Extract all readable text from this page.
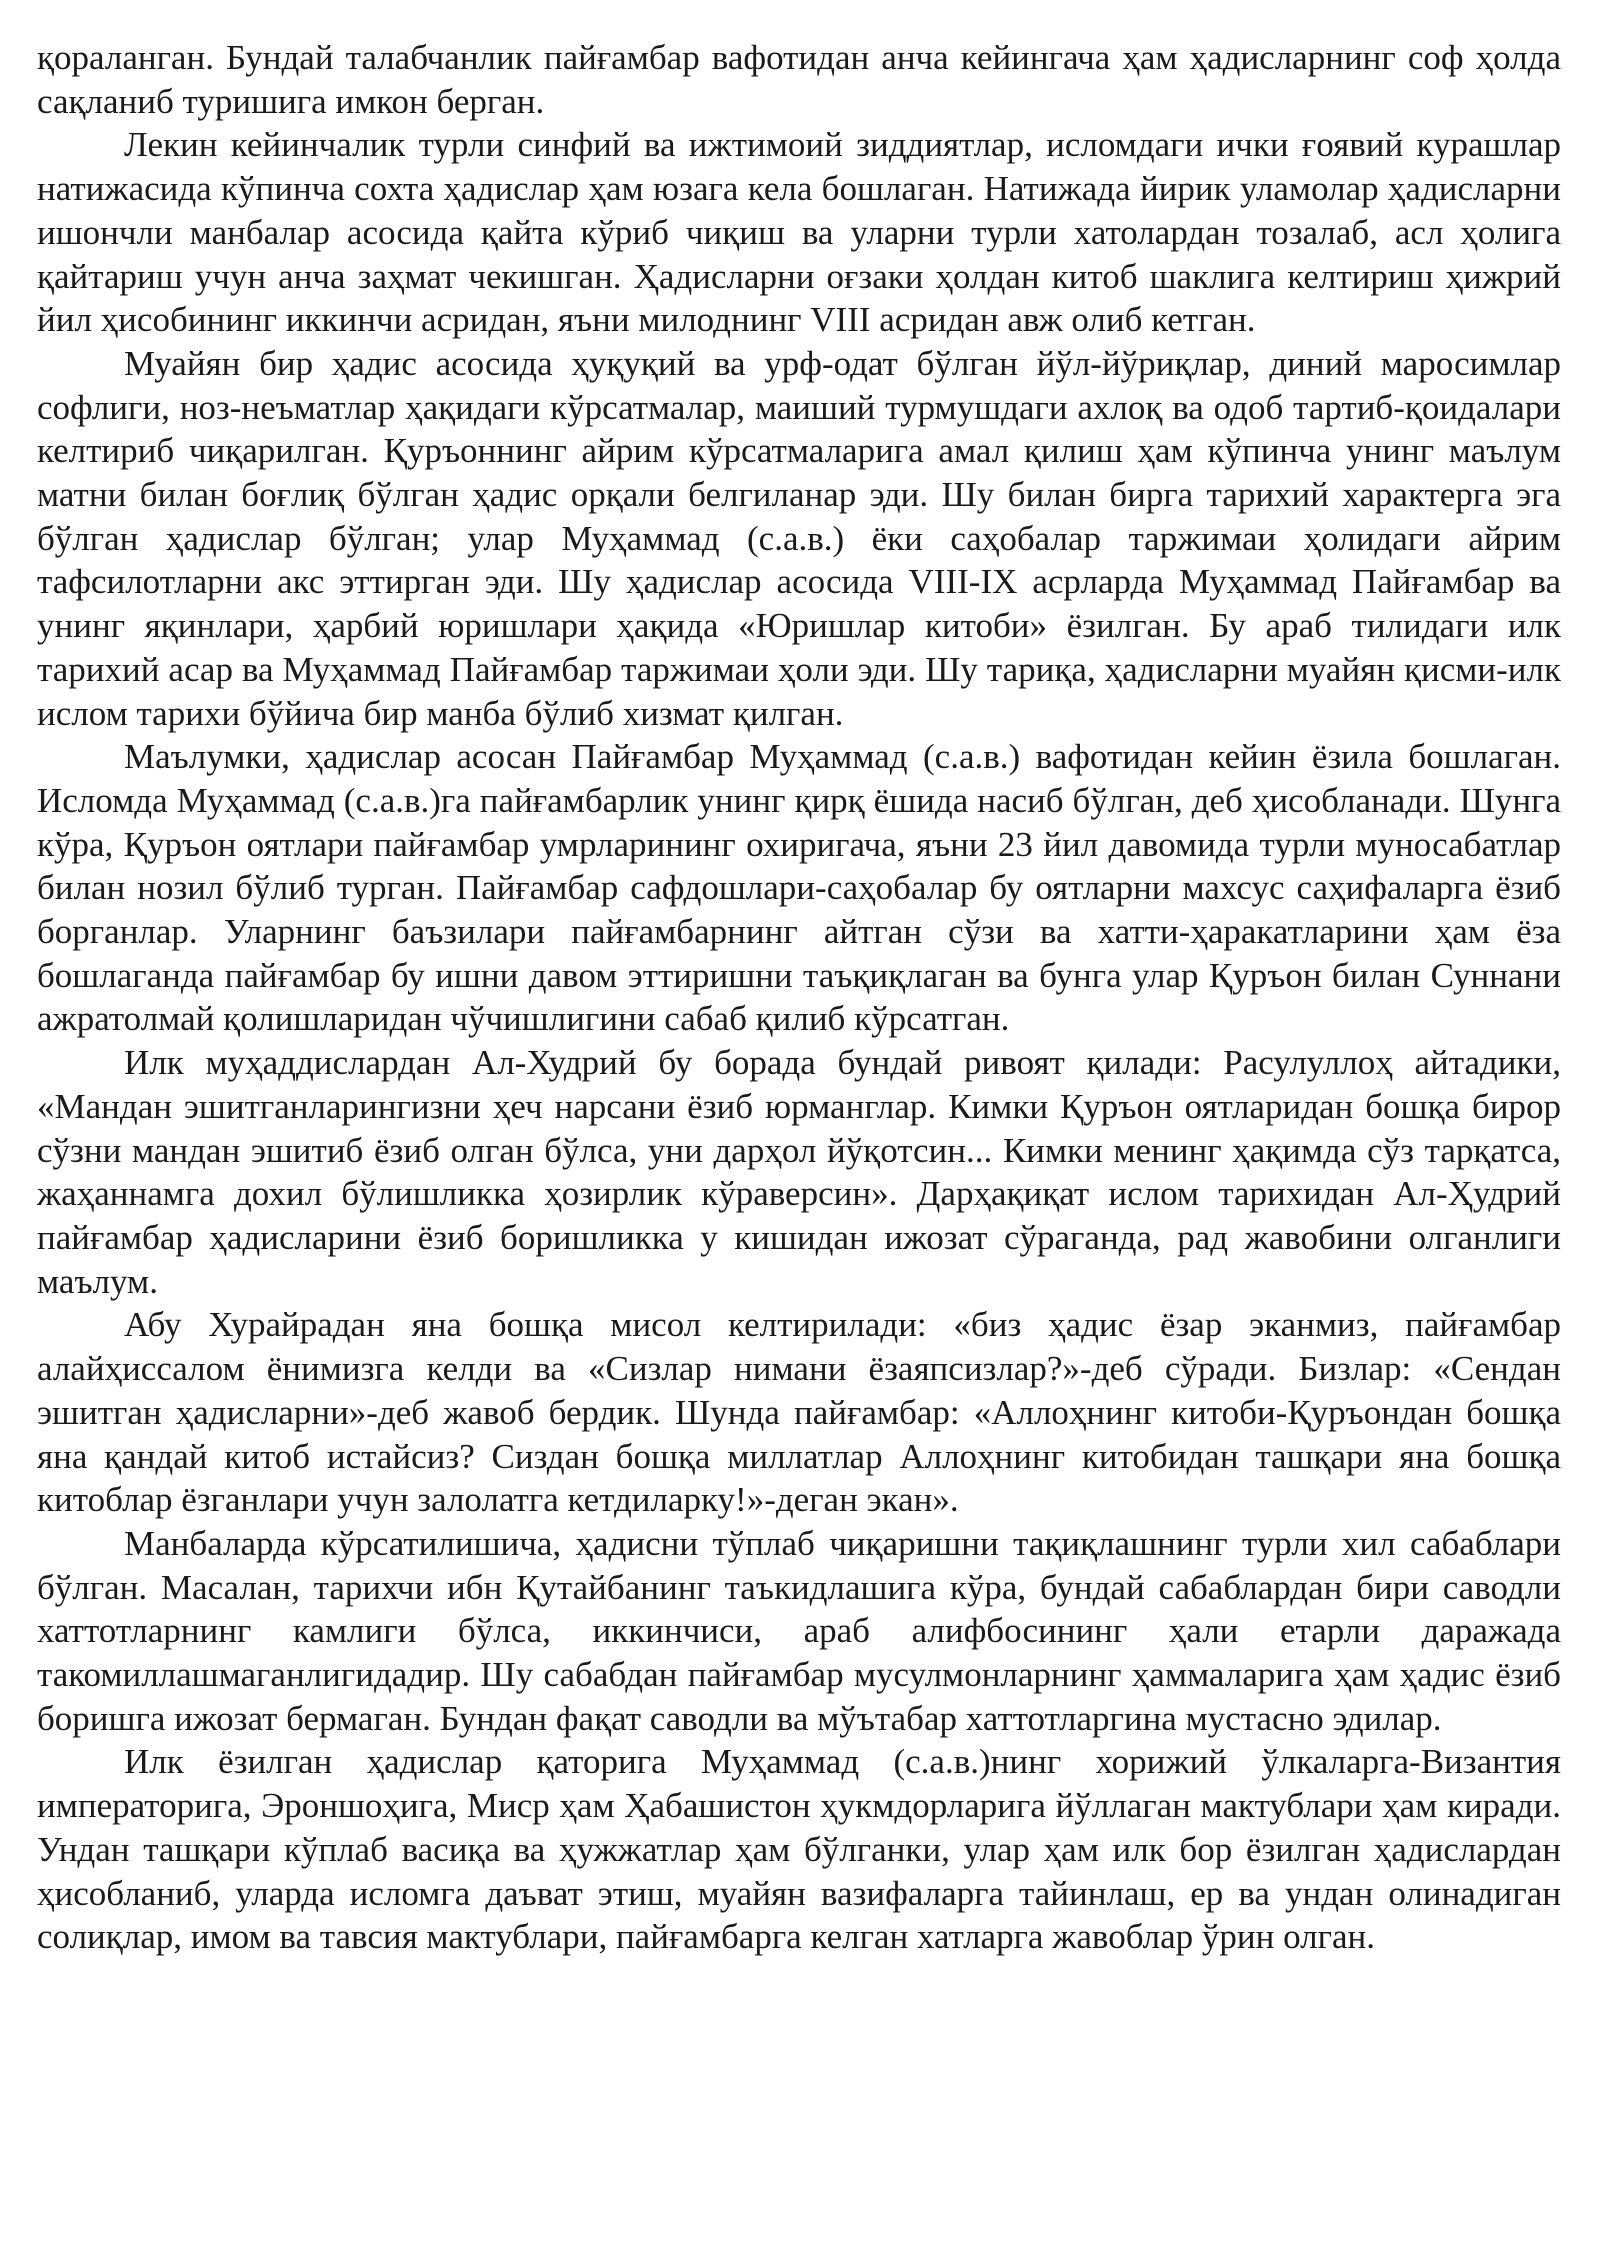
қораланган. Бундай талабчанлик пайғамбар вафотидан анча кейингача ҳам ҳадисларнинг соф ҳолда сақланиб туришига имкон берган.

Лекин кейинчалик турли синфий ва ижтимоий зиддиятлар, исломдаги ички ғоявий курашлар натижасида кўпинча сохта ҳадислар ҳам юзага кела бошлаган. Натижада йирик уламолар ҳадисларни ишончли манбалар асосида қайта кўриб чиқиш ва уларни турли хатолардан тозалаб, асл ҳолига қайтариш учун анча заҳмат чекишган. Ҳадисларни оғзаки ҳолдан китоб шаклига келтириш ҳижрий йил ҳисобининг иккинчи асридан, яъни милоднинг VIII асридан авж олиб кетган.

Муайян бир ҳадис асосида ҳуқуқий ва урф-одат бўлган йўл-йўриқлар, диний маросимлар софлиги, ноз-неъматлар ҳақидаги кўрсатмалар, маиший турмушдаги ахлоқ ва одоб тартиб-қоидалари келтириб чиқарилган. Қуръоннинг айрим кўрсатмаларига амал қилиш ҳам кўпинча унинг маълум матни билан боғлиқ бўлган ҳадис орқали белгиланар эди. Шу билан бирга тарихий характерга эга бўлган ҳадислар бўлган; улар Муҳаммад (с.а.в.) ёки саҳобалар таржимаи ҳолидаги айрим тафсилотларни акс эттирган эди. Шу ҳадислар асосида VIII-IX асрларда Муҳаммад Пайғамбар ва унинг яқинлари, ҳарбий юришлари ҳақида «Юришлар китоби» ёзилган. Бу араб тилидаги илк тарихий асар ва Муҳаммад Пайғамбар таржимаи ҳоли эди. Шу тариқа, ҳадисларни муайян қисми-илк ислом тарихи бўйича бир манба бўлиб хизмат қилган.

Маълумки, ҳадислар асосан Пайғамбар Муҳаммад (с.а.в.) вафотидан кейин ёзила бошлаган. Исломда Муҳаммад (с.а.в.)га пайғамбарлик унинг қирқ ёшида насиб бўлган, деб ҳисобланади. Шунга кўра, Қуръон оятлари пайғамбар умрларининг охиригача, яъни 23 йил давомида турли муносабатлар билан нозил бўлиб турган. Пайғамбар сафдошлари-саҳобалар бу оятларни махсус саҳифаларга ёзиб борганлар. Уларнинг баъзилари пайғамбарнинг айтган сўзи ва хатти-ҳаракатларини ҳам ёза бошлаганда пайғамбар бу ишни давом эттиришни таъқиқлаган ва бунга улар Қуръон билан Суннани ажратолмай қолишларидан чўчишлигини сабаб қилиб кўрсатган.

Илк муҳаддислардан Ал-Худрий бу борада бундай ривоят қилади: Расулуллоҳ айтадики, «Мандан эшитганларингизни ҳеч нарсани ёзиб юрманглар. Кимки Қуръон оятларидан бошқа бирор сўзни мандан эшитиб ёзиб олган бўлса, уни дарҳол йўқотсин... Кимки менинг ҳақимда сўз тарқатса, жаҳаннамга дохил бўлишликка ҳозирлик кўраверсин». Дарҳақиқат ислом тарихидан Ал-Ҳудрий пайғамбар ҳадисларини ёзиб боришликка у кишидан ижозат сўраганда, рад жавобини олганлиги маълум.

Абу Хурайрадан яна бошқа мисол келтирилади: «биз ҳадис ёзар эканмиз, пайғамбар алайҳиссалом ёнимизга келди ва «Сизлар нимани ёзаяпсизлар?»-деб сўради. Бизлар: «Сендан эшитган ҳадисларни»-деб жавоб бердик. Шунда пайғамбар: «Аллоҳнинг китоби-Қуръондан бошқа яна қандай китоб истайсиз? Сиздан бошқа миллатлар Аллоҳнинг китобидан ташқари яна бошқа китоблар ёзганлари учун залолатга кетдиларку!»-деган экан».

Манбаларда кўрсатилишича, ҳадисни тўплаб чиқаришни тақиқлашнинг турли хил сабаблари бўлган. Масалан, тарихчи ибн Қутайбанинг таъкидлашига кўра, бундай сабаблардан бири саводли хаттотларнинг камлиги бўлса, иккинчиси, араб алифбосининг ҳали етарли даражада такомиллашмаганлигидадир. Шу сабабдан пайғамбар мусулмонларнинг ҳаммаларига ҳам ҳадис ёзиб боришга ижозат бермаган. Бундан фақат саводли ва мўътабар хаттотларгина мустасно эдилар.

Илк ёзилган ҳадислар қаторига Муҳаммад (с.а.в.)нинг хорижий ўлкаларга-Византия императорига, Эроншоҳига, Миср ҳам Ҳабашистон ҳукмдорларига йўллаган мактублари ҳам киради. Ундан ташқари кўплаб васиқа ва ҳужжатлар ҳам бўлганки, улар ҳам илк бор ёзилган ҳадислардан ҳисобланиб, уларда исломга даъват этиш, муайян вазифаларга тайинлаш, ер ва ундан олинадиган солиқлар, имом ва тавсия мактублари, пайғамбарга келган хатларга жавоблар ўрин олган.
